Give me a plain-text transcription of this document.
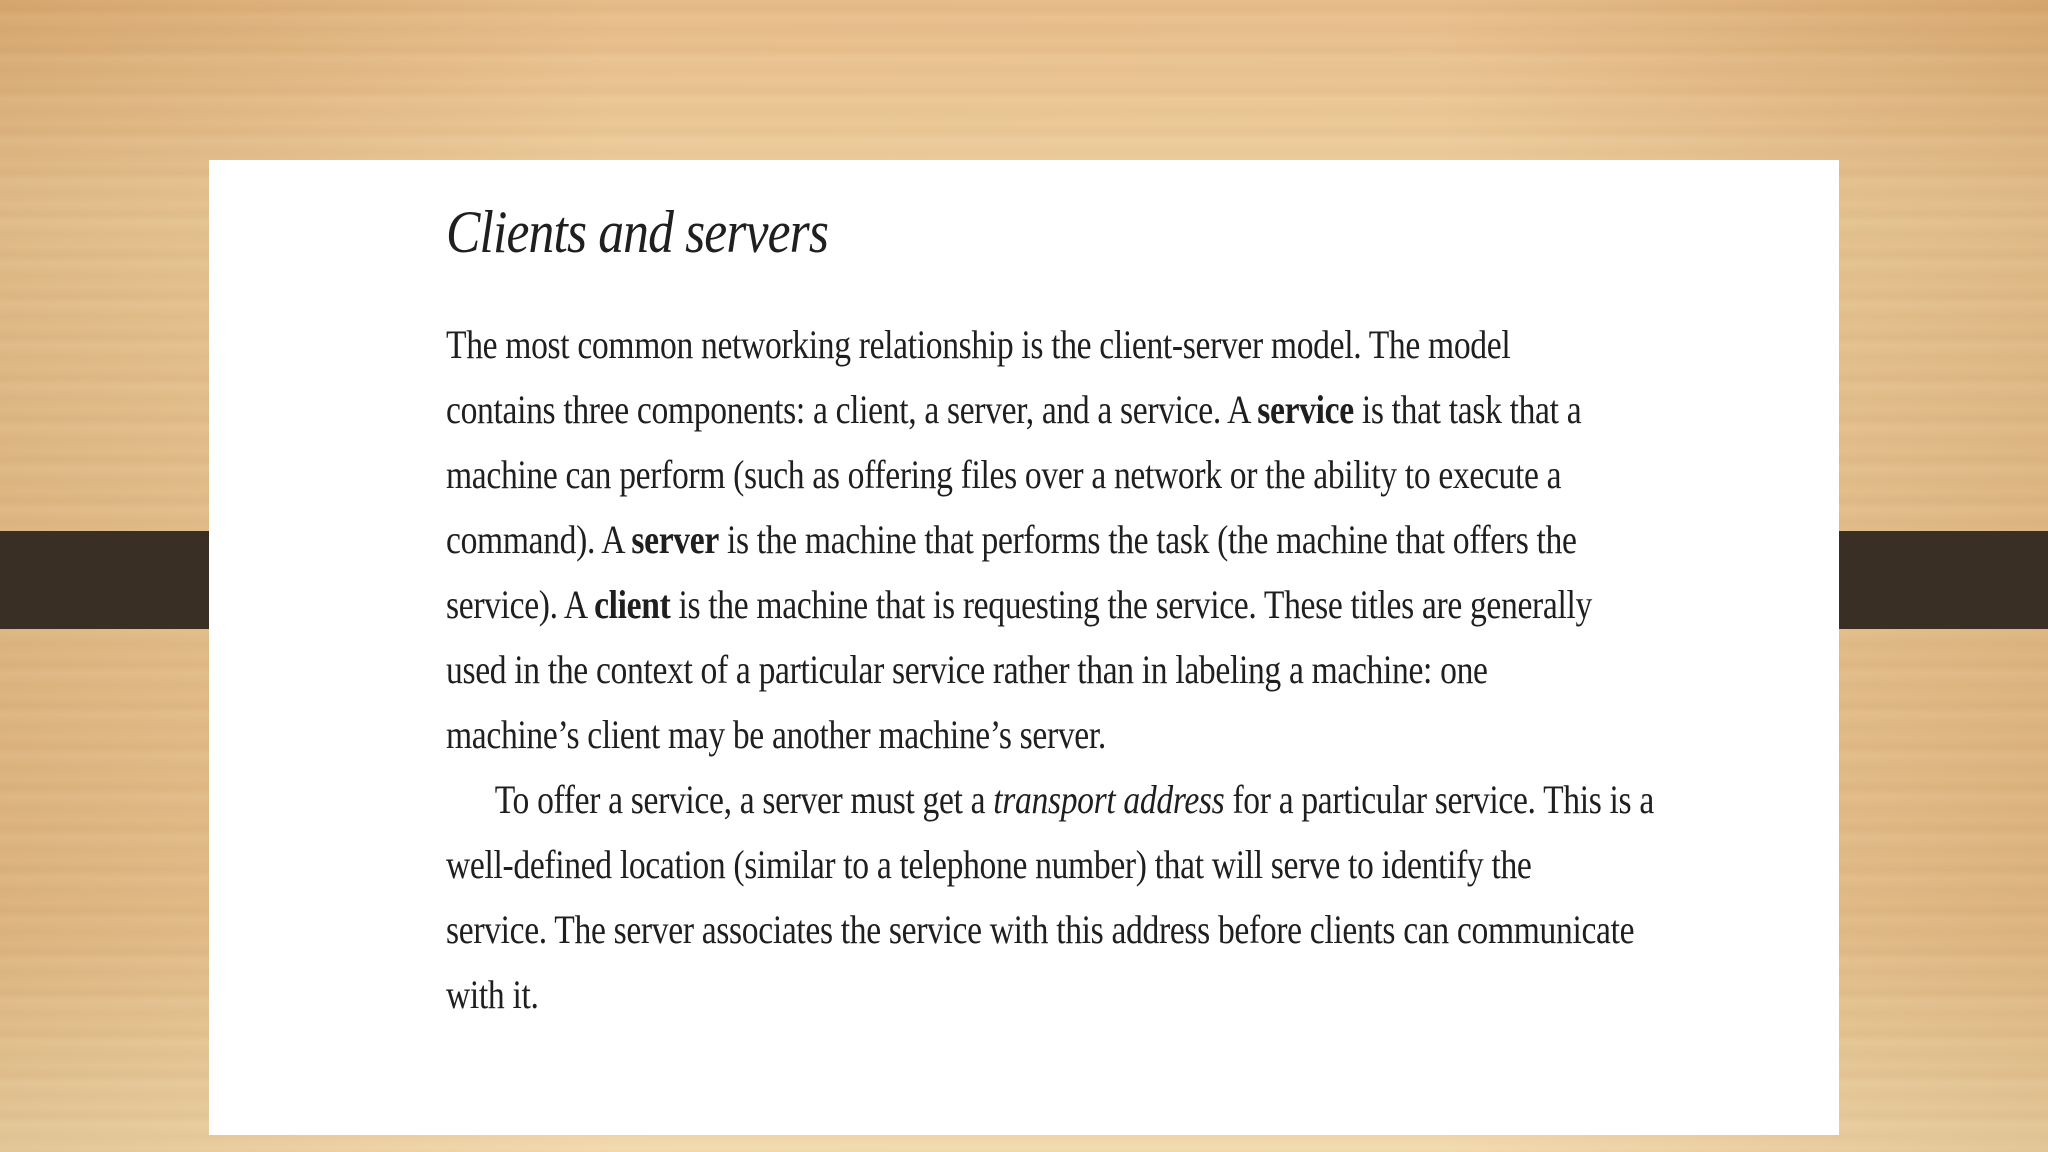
Clients and servers

The most common networking relationship is the client-server model. The model
contains three components: a client, a server, and a service. A service is that task that a
machine can perform (such as offering files over a network or the ability to execute a
command). A server is the machine that performs the task (the machine that offers the
service). A client is the machine that is requesting the service. These titles are generally
used in the context of a particular service rather than in labeling a machine: one
machine’s client may be another machine’s server.

To offer a service, a server must get a transport address for a particular service. This is a
well-defined location (similar to a telephone number) that will serve to identify the
service. The server associates the service with this address before clients can communicate
with it.
